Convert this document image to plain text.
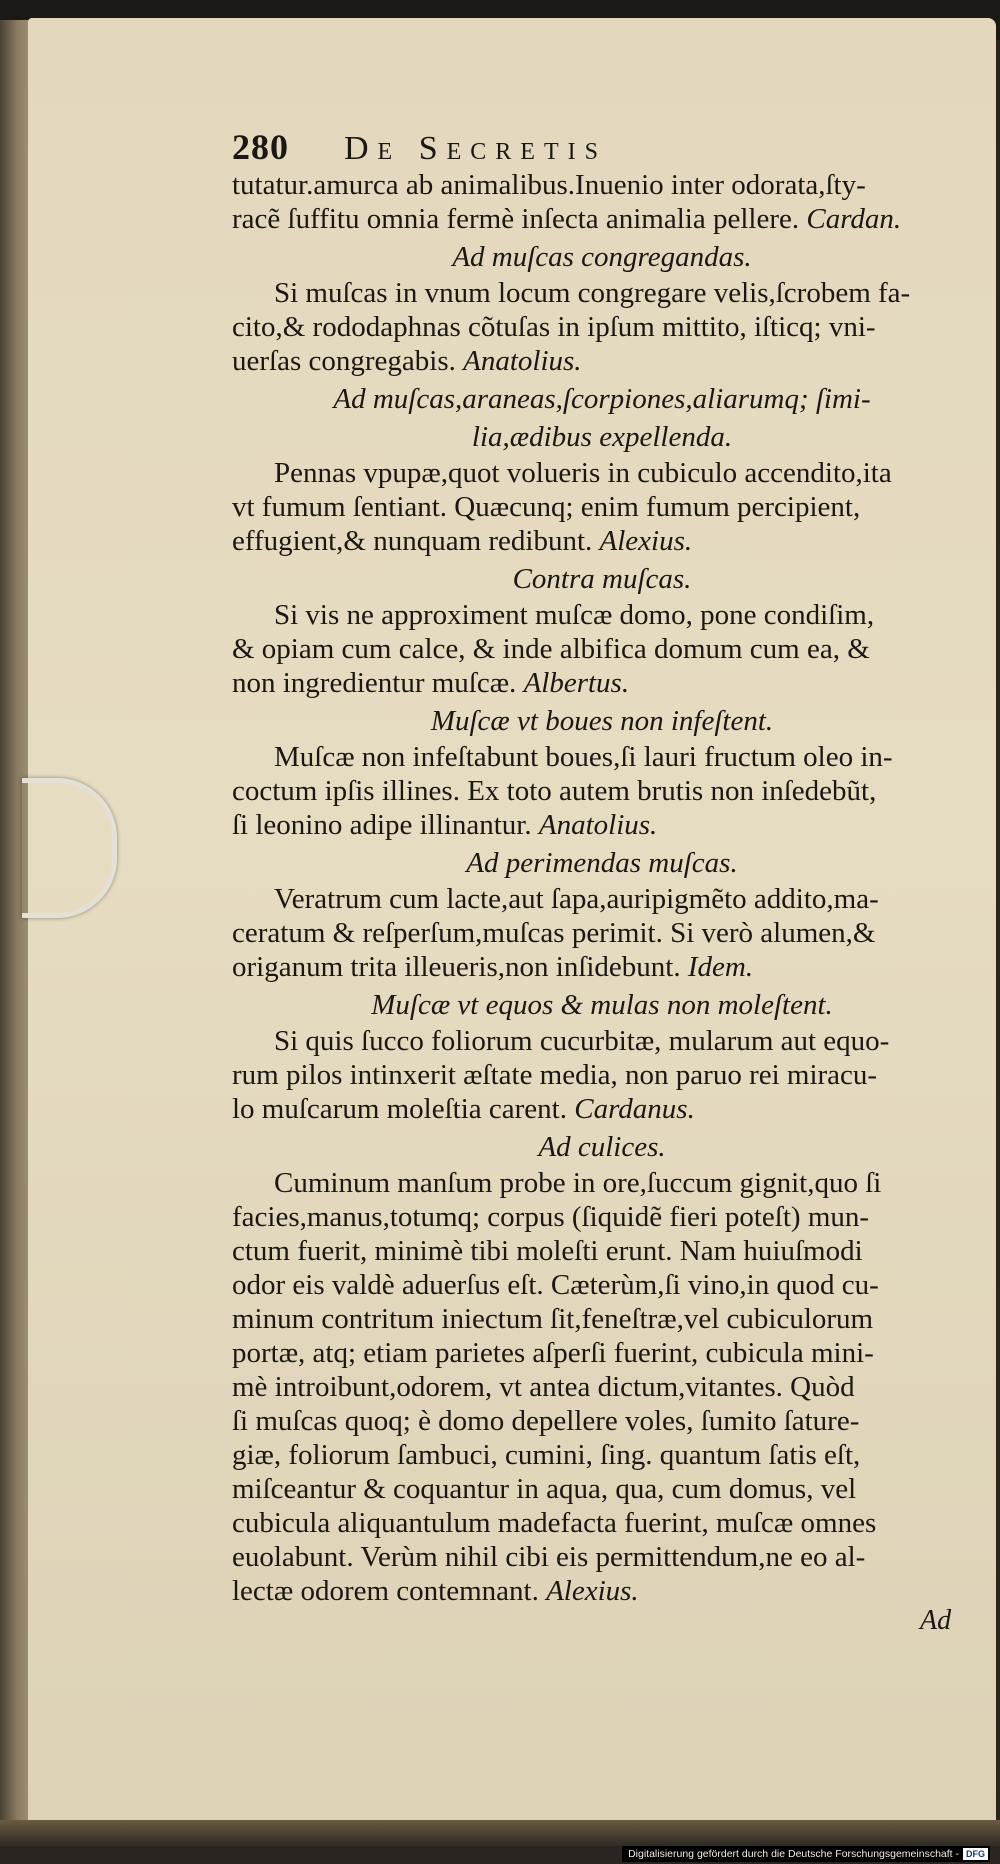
280 De Secretis
tutatur.amurca ab animalibus.Inuenio inter odorata,ſty-
racẽ ſuffitu omnia fermè inſecta animalia pellere. Cardan.
Ad muſcas congregandas.
Si muſcas in vnum locum congregare velis,ſcrobem fa-
cito,& rododaphnas cõtuſas in ipſum mittito, iſticq; vni-
uerſas congregabis. Anatolius.
Ad muſcas,araneas,ſcorpiones,aliarumq; ſimi-
lia,ædibus expellenda.
Pennas vpupæ,quot volueris in cubiculo accendito,ita
vt fumum ſentiant. Quæcunq; enim fumum percipient,
effugient,& nunquam redibunt. Alexius.
Contra muſcas.
Si vis ne approximent muſcæ domo, pone condiſim,
& opiam cum calce, & inde albifica domum cum ea, &
non ingredientur muſcæ. Albertus.
Muſcæ vt boues non infeſtent.
Muſcæ non infeſtabunt boues,ſi lauri fructum oleo in-
coctum ipſis illines. Ex toto autem brutis non inſedebũt,
ſi leonino adipe illinantur. Anatolius.
Ad perimendas muſcas.
Veratrum cum lacte,aut ſapa,auripigmẽto addito,ma-
ceratum & reſperſum,muſcas perimit. Si verò alumen,&
origanum trita illeueris,non inſidebunt. Idem.
Muſcæ vt equos & mulas non moleſtent.
Si quis ſucco foliorum cucurbitæ, mularum aut equo-
rum pilos intinxerit æſtate media, non paruo rei miracu-
lo muſcarum moleſtia carent. Cardanus.
Ad culices.
Cuminum manſum probe in ore,ſuccum gignit,quo ſi
facies,manus,totumq; corpus (ſiquidẽ fieri poteſt) mun-
ctum fuerit, minimè tibi moleſti erunt. Nam huiuſmodi
odor eis valdè aduerſus eſt. Cæterùm,ſi vino,in quod cu-
minum contritum iniectum ſit,feneſtræ,vel cubiculorum
portæ, atq; etiam parietes aſperſi fuerint, cubicula mini-
mè introibunt,odorem, vt antea dictum,vitantes. Quòd
ſi muſcas quoq; è domo depellere voles, ſumito ſature-
giæ, foliorum ſambuci, cumini, ſing. quantum ſatis eſt,
miſceantur & coquantur in aqua, qua, cum domus, vel
cubicula aliquantulum madefacta fuerint, muſcæ omnes
euolabunt. Verùm nihil cibi eis permittendum,ne eo al-
lectæ odorem contemnant. Alexius.
Ad
Digitalisierung gefördert durch die Deutsche Forschungsgemeinschaft - DFG
